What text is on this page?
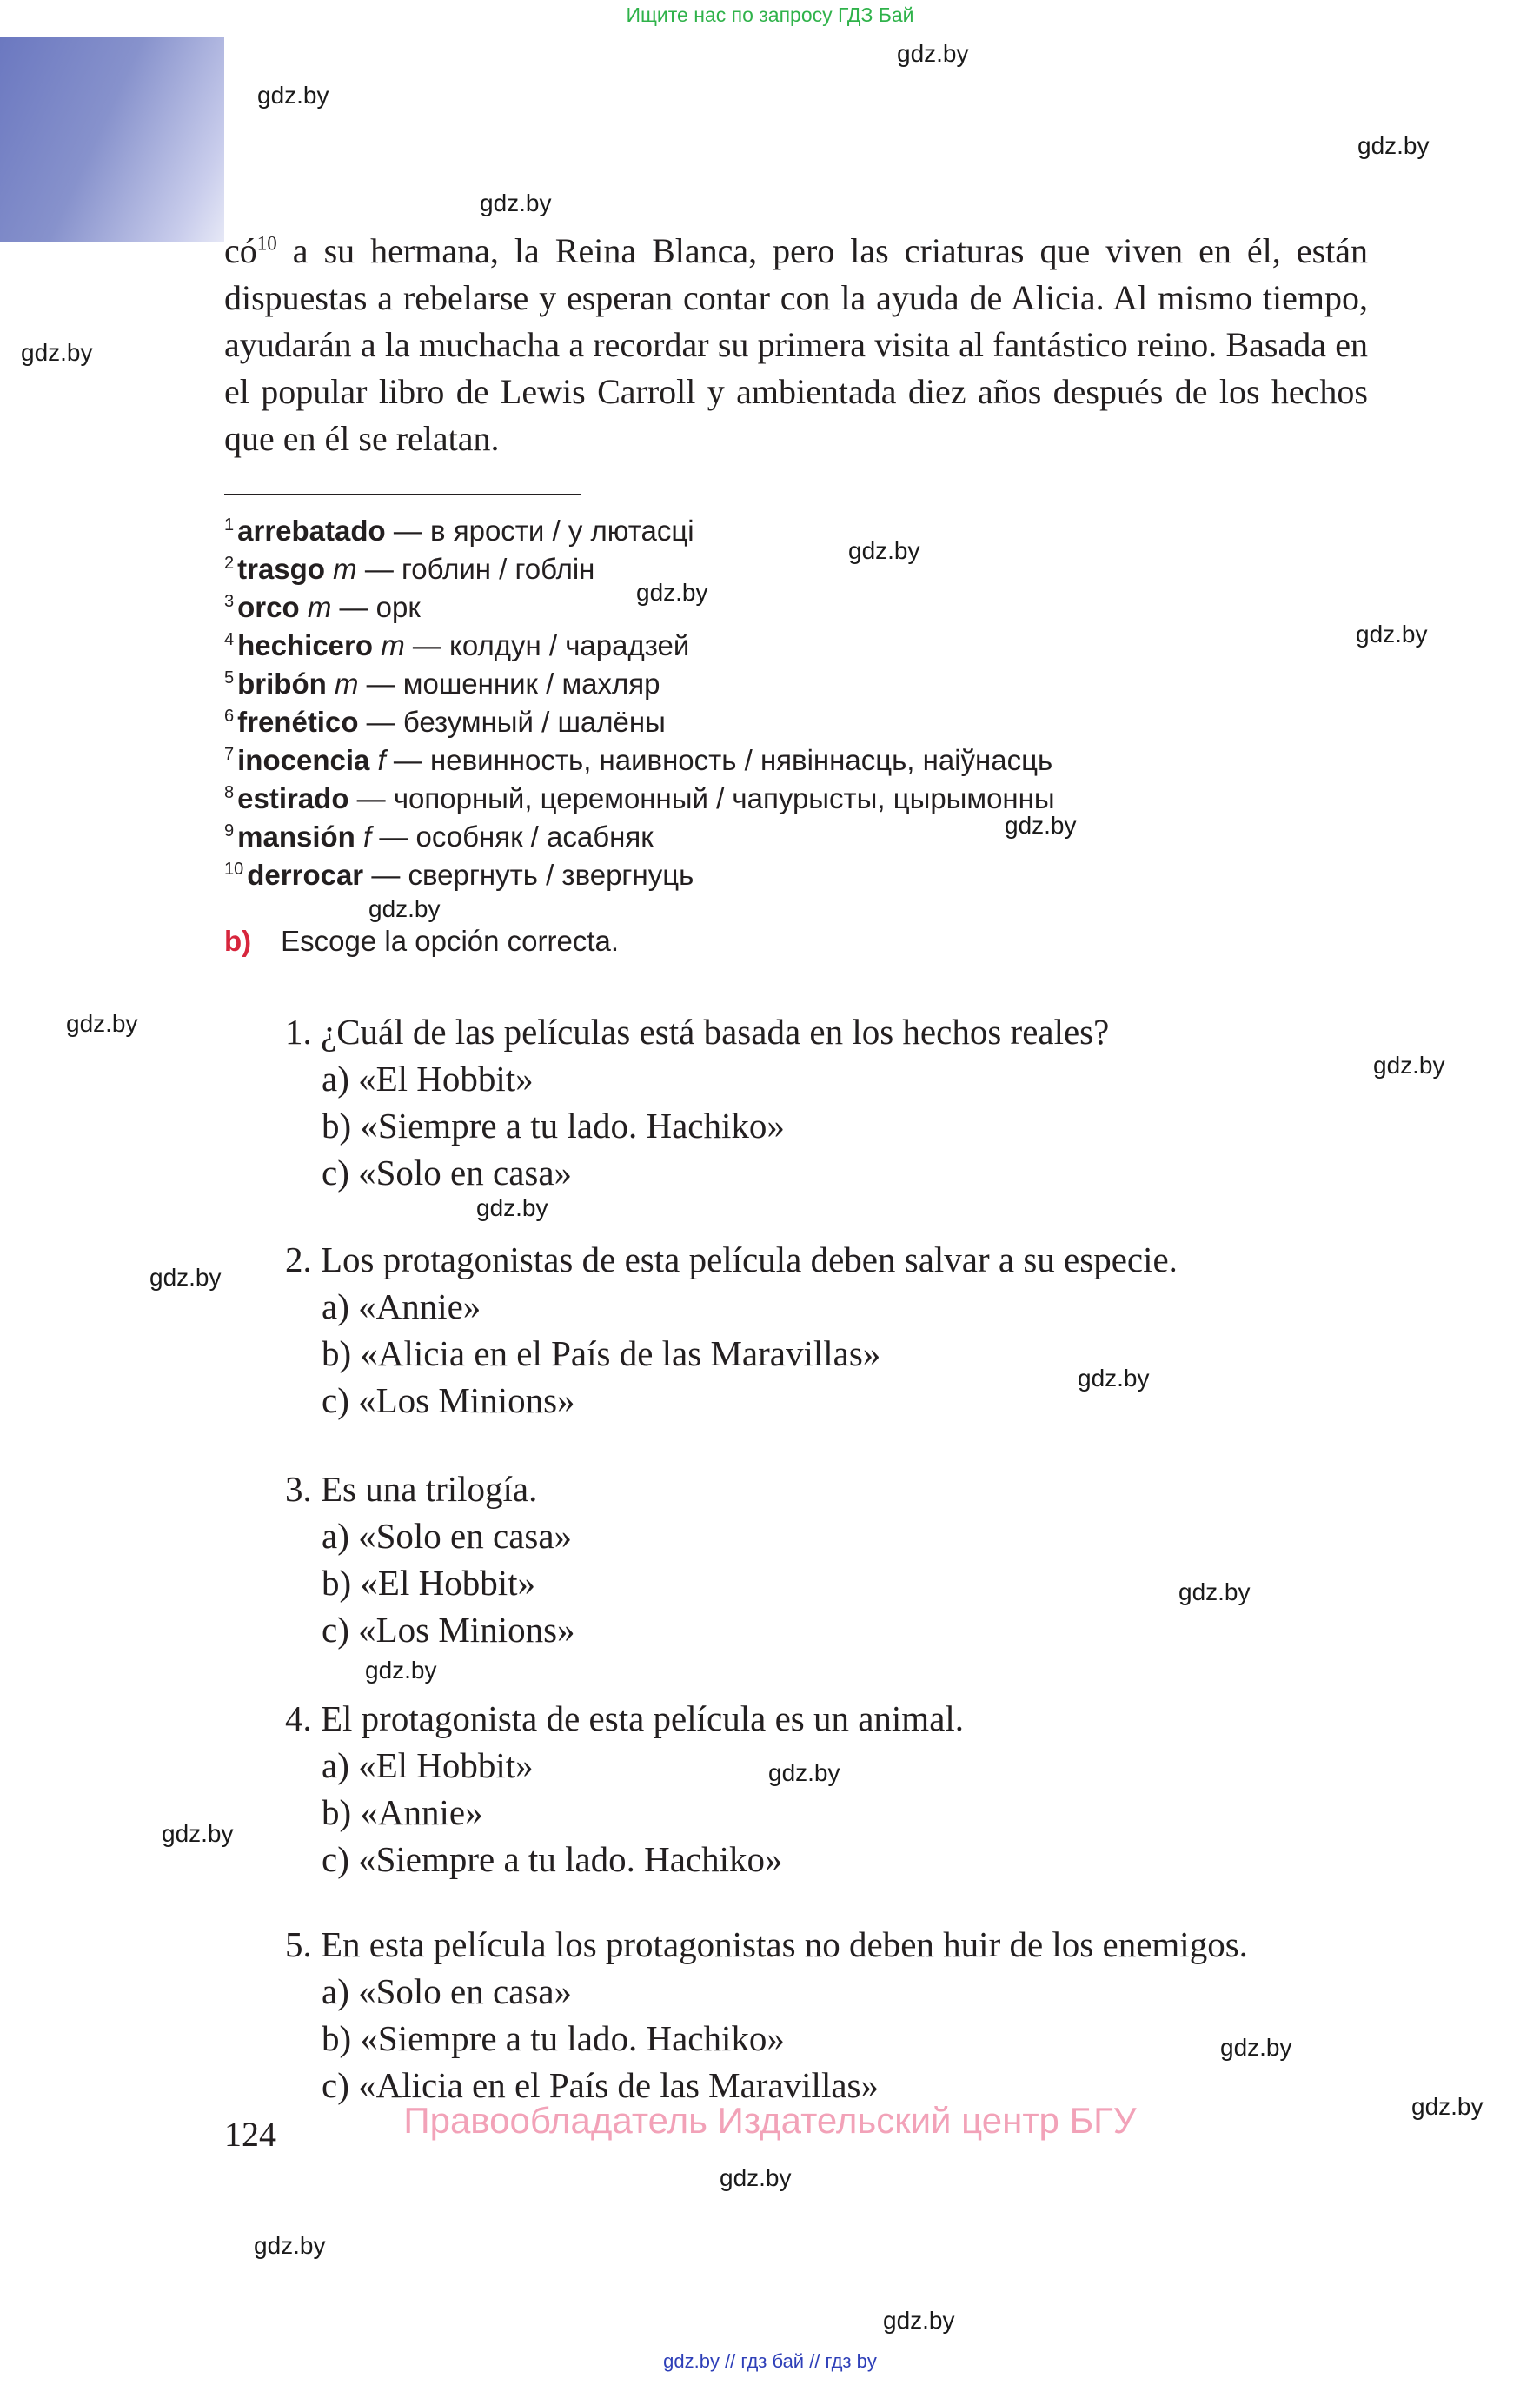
Ищите нас по запросу ГДЗ Бай
gdz.by
gdz.by
gdz.by
gdz.by
gdz.by
gdz.by
gdz.by
gdz.by
gdz.by
gdz.by
gdz.by
gdz.by
gdz.by
gdz.by
gdz.by
gdz.by
gdz.by
gdz.by
gdz.by
gdz.by
gdz.by
gdz.by
gdz.by
gdz.by
$có^{10}$ a su hermana, la Reina Blanca, pero las criaturas que viven en él, están dispuestas a rebelarse y esperan contar con la ayuda de Alicia. Al mismo tiempo, ayudarán a la muchacha a recordar su primera visita al fantástico reino. Basada en el popular libro de Lewis Carroll y ambientada diez años después de los hechos que en él se relatan.
$^1$ arrebatado — в ярости / у лютасці
$^2$ trasgo m — гоблин / гоблін
$^3$ orco m — орк
$^4$ hechicero m — колдун / чарадзей
$^5$ bribón m — мошенник / махляр
$^6$ frenético — безумный / шалёны
$^7$ inocencia f — невинность, наивность / нявіннасць, наіўнасць
$^8$ estirado — чопорный, церемонный / чапурысты, цырымонны
$^9$ mansión f — особняк / асабняк
$^{10}$ derrocar — свергнуть / звергнуць
b) Escoge la opción correcta.
1. ¿Cuál de las películas está basada en los hechos reales?
a) «El Hobbit»
b) «Siempre a tu lado. Hachiko»
c) «Solo en casa»
2. Los protagonistas de esta película deben salvar a su especie.
a) «Annie»
b) «Alicia en el País de las Maravillas»
c) «Los Minions»
3. Es una trilogía.
a) «Solo en casa»
b) «El Hobbit»
c) «Los Minions»
4. El protagonista de esta película es un animal.
a) «El Hobbit»
b) «Annie»
c) «Siempre a tu lado. Hachiko»
5. En esta película los protagonistas no deben huir de los enemigos.
a) «Solo en casa»
b) «Siempre a tu lado. Hachiko»
c) «Alicia en el País de las Maravillas»
124	Правообладатель Издательский центр БГУ
gdz.by // гдз бай // гдз by
